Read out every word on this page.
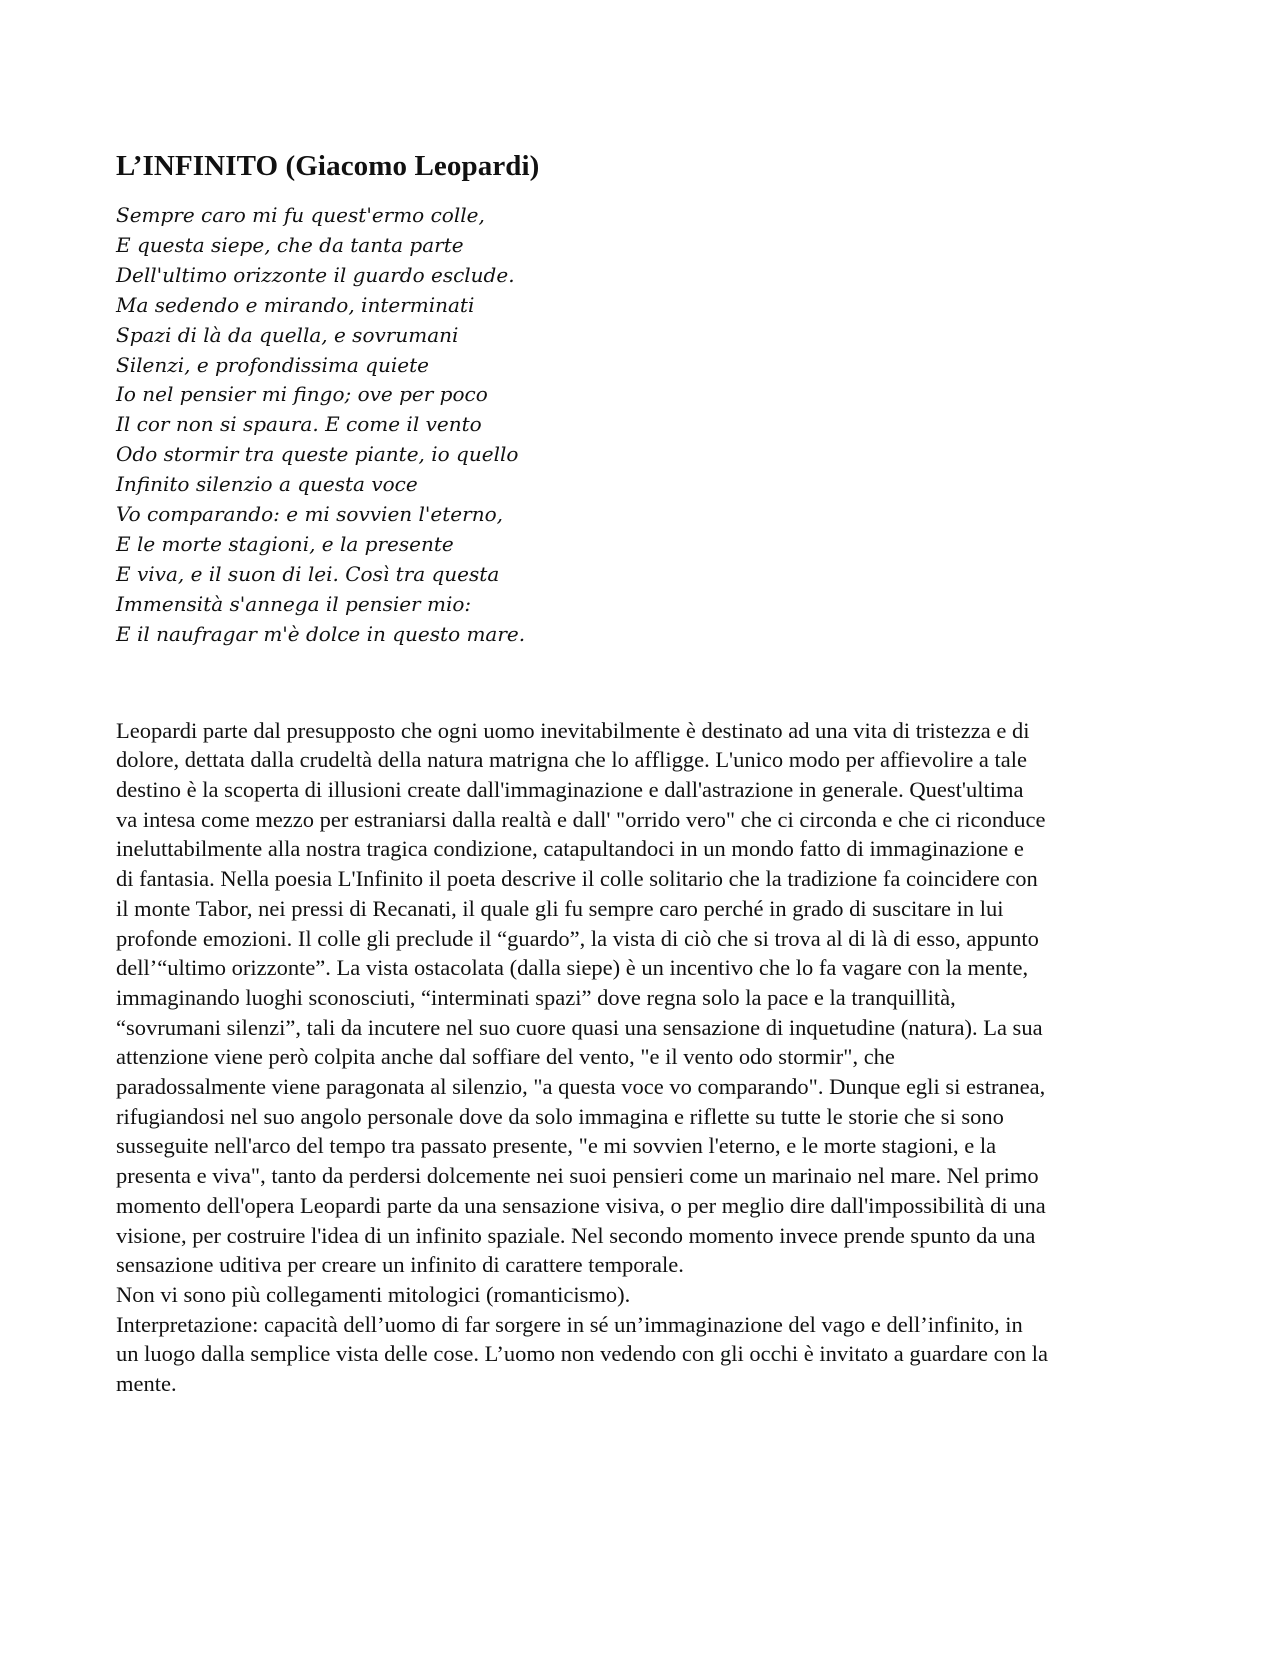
L’INFINITO (Giacomo Leopardi)
Sempre caro mi fu quest'ermo colle,
E questa siepe, che da tanta parte
Dell'ultimo orizzonte il guardo esclude.
Ma sedendo e mirando, interminati
Spazi di là da quella, e sovrumani
Silenzi, e profondissima quiete
Io nel pensier mi fingo; ove per poco
Il cor non si spaura. E come il vento
Odo stormir tra queste piante, io quello
Infinito silenzio a questa voce
Vo comparando: e mi sovvien l'eterno,
E le morte stagioni, e la presente
E viva, e il suon di lei. Così tra questa
Immensità s'annega il pensier mio:
E il naufragar m'è dolce in questo mare.
Leopardi parte dal presupposto che ogni uomo inevitabilmente è destinato ad una vita di tristezza e di
dolore, dettata dalla crudeltà della natura matrigna che lo affligge. L'unico modo per affievolire a tale
destino è la scoperta di illusioni create dall'immaginazione e dall'astrazione in generale. Quest'ultima
va intesa come mezzo per estraniarsi dalla realtà e dall' "orrido vero" che ci circonda e che ci riconduce
ineluttabilmente alla nostra tragica condizione, catapultandoci in un mondo fatto di immaginazione e
di fantasia. Nella poesia L'Infinito il poeta descrive il colle solitario che la tradizione fa coincidere con
il monte Tabor, nei pressi di Recanati, il quale gli fu sempre caro perché in grado di suscitare in lui
profonde emozioni. Il colle gli preclude il “guardo”, la vista di ciò che si trova al di là di esso, appunto
dell’“ultimo orizzonte”. La vista ostacolata (dalla siepe) è un incentivo che lo fa vagare con la mente,
immaginando luoghi sconosciuti, “interminati spazi” dove regna solo la pace e la tranquillità,
“sovrumani silenzi”, tali da incutere nel suo cuore quasi una sensazione di inquetudine (natura). La sua
attenzione viene però colpita anche dal soffiare del vento, "e il vento odo stormir", che
paradossalmente viene paragonata al silenzio, "a questa voce vo comparando". Dunque egli si estranea,
rifugiandosi nel suo angolo personale dove da solo immagina e riflette su tutte le storie che si sono
susseguite nell'arco del tempo tra passato presente, "e mi sovvien l'eterno, e le morte stagioni, e la
presenta e viva", tanto da perdersi dolcemente nei suoi pensieri come un marinaio nel mare. Nel primo
momento dell'opera Leopardi parte da una sensazione visiva, o per meglio dire dall'impossibilità di una
visione, per costruire l'idea di un infinito spaziale. Nel secondo momento invece prende spunto da una
sensazione uditiva per creare un infinito di carattere temporale.
Non vi sono più collegamenti mitologici (romanticismo).
Interpretazione: capacità dell’uomo di far sorgere in sé un’immaginazione del vago e dell’infinito, in
un luogo dalla semplice vista delle cose. L’uomo non vedendo con gli occhi è invitato a guardare con la
mente.
